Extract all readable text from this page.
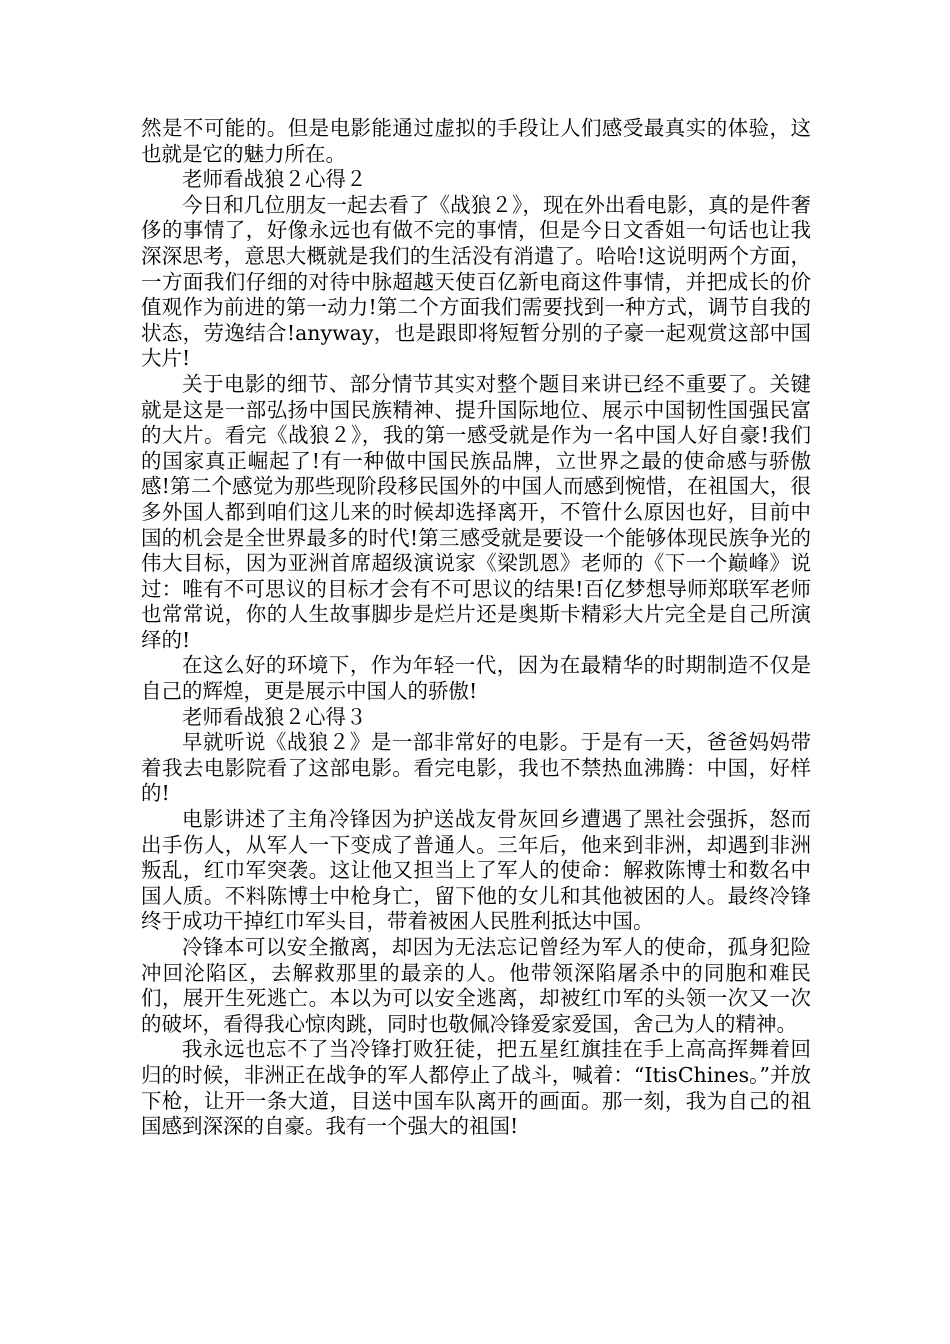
然是不可能的。但是电影能通过虚拟的手段让人们感受最真实的体验，这也就是它的魅力所在。

老师看战狼２心得２

今日和几位朋友一起去看了《战狼２》，现在外出看电影，真的是件奢侈的事情了，好像永远也有做不完的事情，但是今日文香姐一句话也让我深深思考，意思大概就是我们的生活没有消遣了。哈哈!这说明两个方面，一方面我们仔细的对待中脉超越天使百亿新电商这件事情，并把成长的价值观作为前进的第一动力!第二个方面我们需要找到一种方式，调节自我的状态，劳逸结合!anyway，也是跟即将短暂分别的子豪一起观赏这部中国大片!

关于电影的细节、部分情节其实对整个题目来讲已经不重要了。关键就是这是一部弘扬中国民族精神、提升国际地位、展示中国韧性国强民富的大片。看完《战狼２》，我的第一感受就是作为一名中国人好自豪!我们的国家真正崛起了!有一种做中国民族品牌，立世界之最的使命感与骄傲感!第二个感觉为那些现阶段移民国外的中国人而感到惋惜，在祖国大，很多外国人都到咱们这儿来的时候却选择离开，不管什么原因也好，目前中国的机会是全世界最多的时代!第三感受就是要设一个能够体现民族争光的伟大目标，因为亚洲首席超级演说家《梁凯恩》老师的《下一个巅峰》说过：唯有不可思议的目标才会有不可思议的结果!百亿梦想导师郑联军老师也常常说，你的人生故事脚步是烂片还是奥斯卡精彩大片完全是自己所演绎的!

在这么好的环境下，作为年轻一代，因为在最精华的时期制造不仅是自己的辉煌，更是展示中国人的骄傲!

老师看战狼２心得３

早就听说《战狼２》是一部非常好的电影。于是有一天，爸爸妈妈带着我去电影院看了这部电影。看完电影，我也不禁热血沸腾：中国，好样的!

电影讲述了主角冷锋因为护送战友骨灰回乡遭遇了黑社会强拆，怒而出手伤人，从军人一下变成了普通人。三年后，他来到非洲，却遇到非洲叛乱，红巾军突袭。这让他又担当上了军人的使命：解救陈博士和数名中国人质。不料陈博士中枪身亡，留下他的女儿和其他被困的人。最终冷锋终于成功干掉红巾军头目，带着被困人民胜利抵达中国。

冷锋本可以安全撤离，却因为无法忘记曾经为军人的使命，孤身犯险冲回沦陷区，去解救那里的最亲的人。他带领深陷屠杀中的同胞和难民们，展开生死逃亡。本以为可以安全逃离，却被红巾军的头领一次又一次的破坏，看得我心惊肉跳，同时也敬佩冷锋爱家爱国，舍己为人的精神。

我永远也忘不了当冷锋打败狂徒，把五星红旗挂在手上高高挥舞着回归的时候，非洲正在战争的军人都停止了战斗，喊着：“ItisChines。”并放下枪，让开一条大道，目送中国车队离开的画面。那一刻，我为自己的祖国感到深深的自豪。我有一个强大的祖国!
